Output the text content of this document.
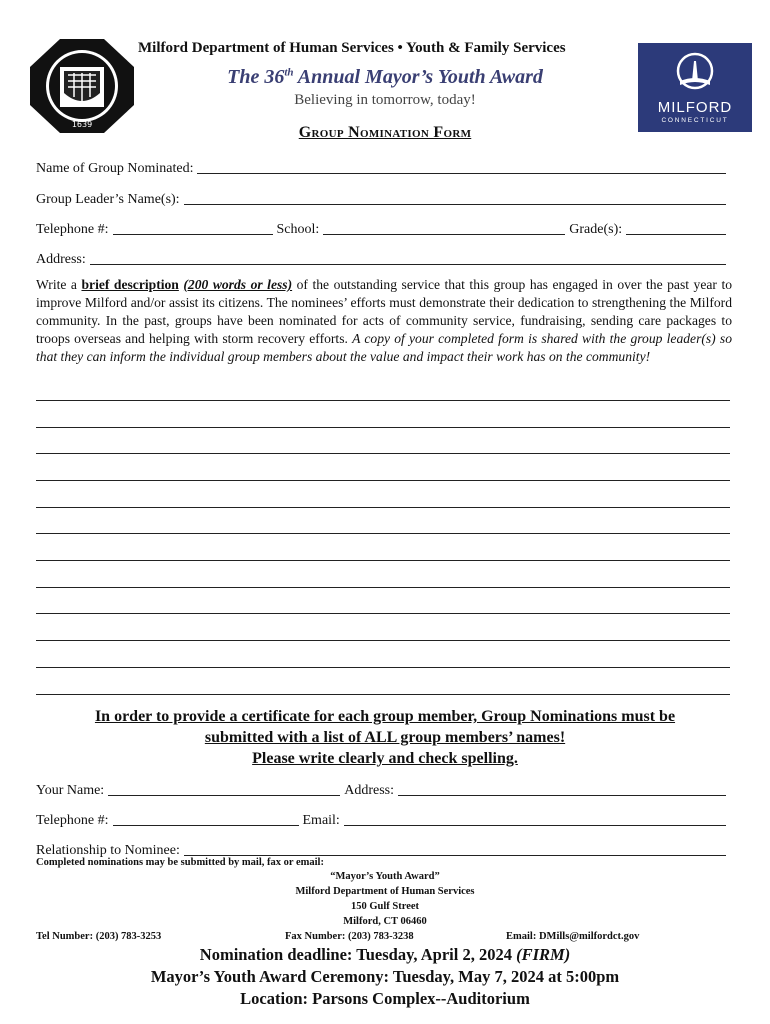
1639
Milford Department of Human Services • Youth & Family Services
The 36th Annual Mayor’s Youth Award
Believing in tomorrow, today!	MILFORD
CONNECTICUT
Group Nomination Form
Name of Group Nominated:
Group Leader’s Name(s):
Telephone #:	School:	Grade(s):
Address:
Write a brief description (200 words or less) of the outstanding service that this group has engaged in over the past year to improve Milford and/or assist its citizens. The nominees’ efforts must demonstrate their dedication to strengthening the Milford community. In the past, groups have been nominated for acts of community service, fundraising, sending care packages to troops overseas and helping with storm recovery efforts. A copy of your completed form is shared with the group leader(s) so that they can inform the individual group members about the value and impact their work has on the community!
In order to provide a certificate for each group member, Group Nominations must be
submitted with a list of ALL group members’ names!
Please write clearly and check spelling.
Your Name:	Address:
Telephone #:	Email:
Relationship to Nominee:
Completed nominations may be submitted by mail, fax or email:
“Mayor’s Youth Award”
Milford Department of Human Services
150 Gulf Street
Milford, CT 06460
Tel Number: (203) 783-3253	Fax Number: (203) 783-3238	Email: DMills@milfordct.gov
Nomination deadline: Tuesday, April 2, 2024 (FIRM)
Mayor’s Youth Award Ceremony: Tuesday, May 7, 2024 at 5:00pm
Location: Parsons Complex--Auditorium
